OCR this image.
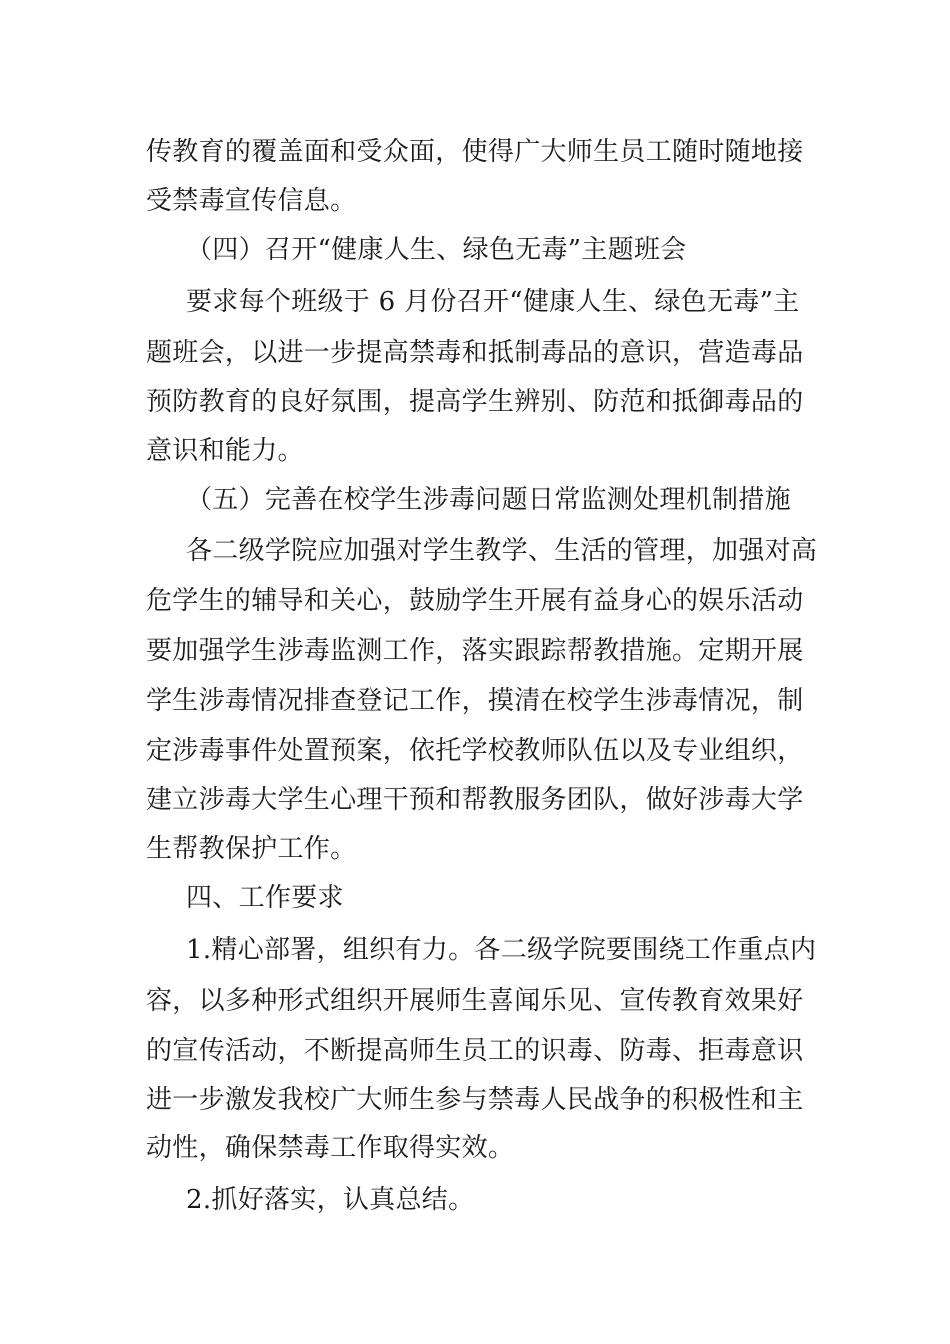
传教育的覆盖面和受众面，使得广大师生员工随时随地接
受禁毒宣传信息。
（四）召开“健康人生、绿色无毒”主题班会
要求每个班级于 6 月份召开“健康人生、绿色无毒”主
题班会，以进一步提高禁毒和抵制毒品的意识，营造毒品
预防教育的良好氛围，提高学生辨别、防范和抵御毒品的
意识和能力。
（五）完善在校学生涉毒问题日常监测处理机制措施
各二级学院应加强对学生教学、生活的管理，加强对高
危学生的辅导和关心，鼓励学生开展有益身心的娱乐活动
要加强学生涉毒监测工作，落实跟踪帮教措施。定期开展
学生涉毒情况排查登记工作，摸清在校学生涉毒情况，制
定涉毒事件处置预案，依托学校教师队伍以及专业组织，
建立涉毒大学生心理干预和帮教服务团队，做好涉毒大学
生帮教保护工作。
四、工作要求
1.精心部署，组织有力。各二级学院要围绕工作重点内
容，以多种形式组织开展师生喜闻乐见、宣传教育效果好
的宣传活动，不断提高师生员工的识毒、防毒、拒毒意识
进一步激发我校广大师生参与禁毒人民战争的积极性和主
动性，确保禁毒工作取得实效。
2.抓好落实，认真总结。
